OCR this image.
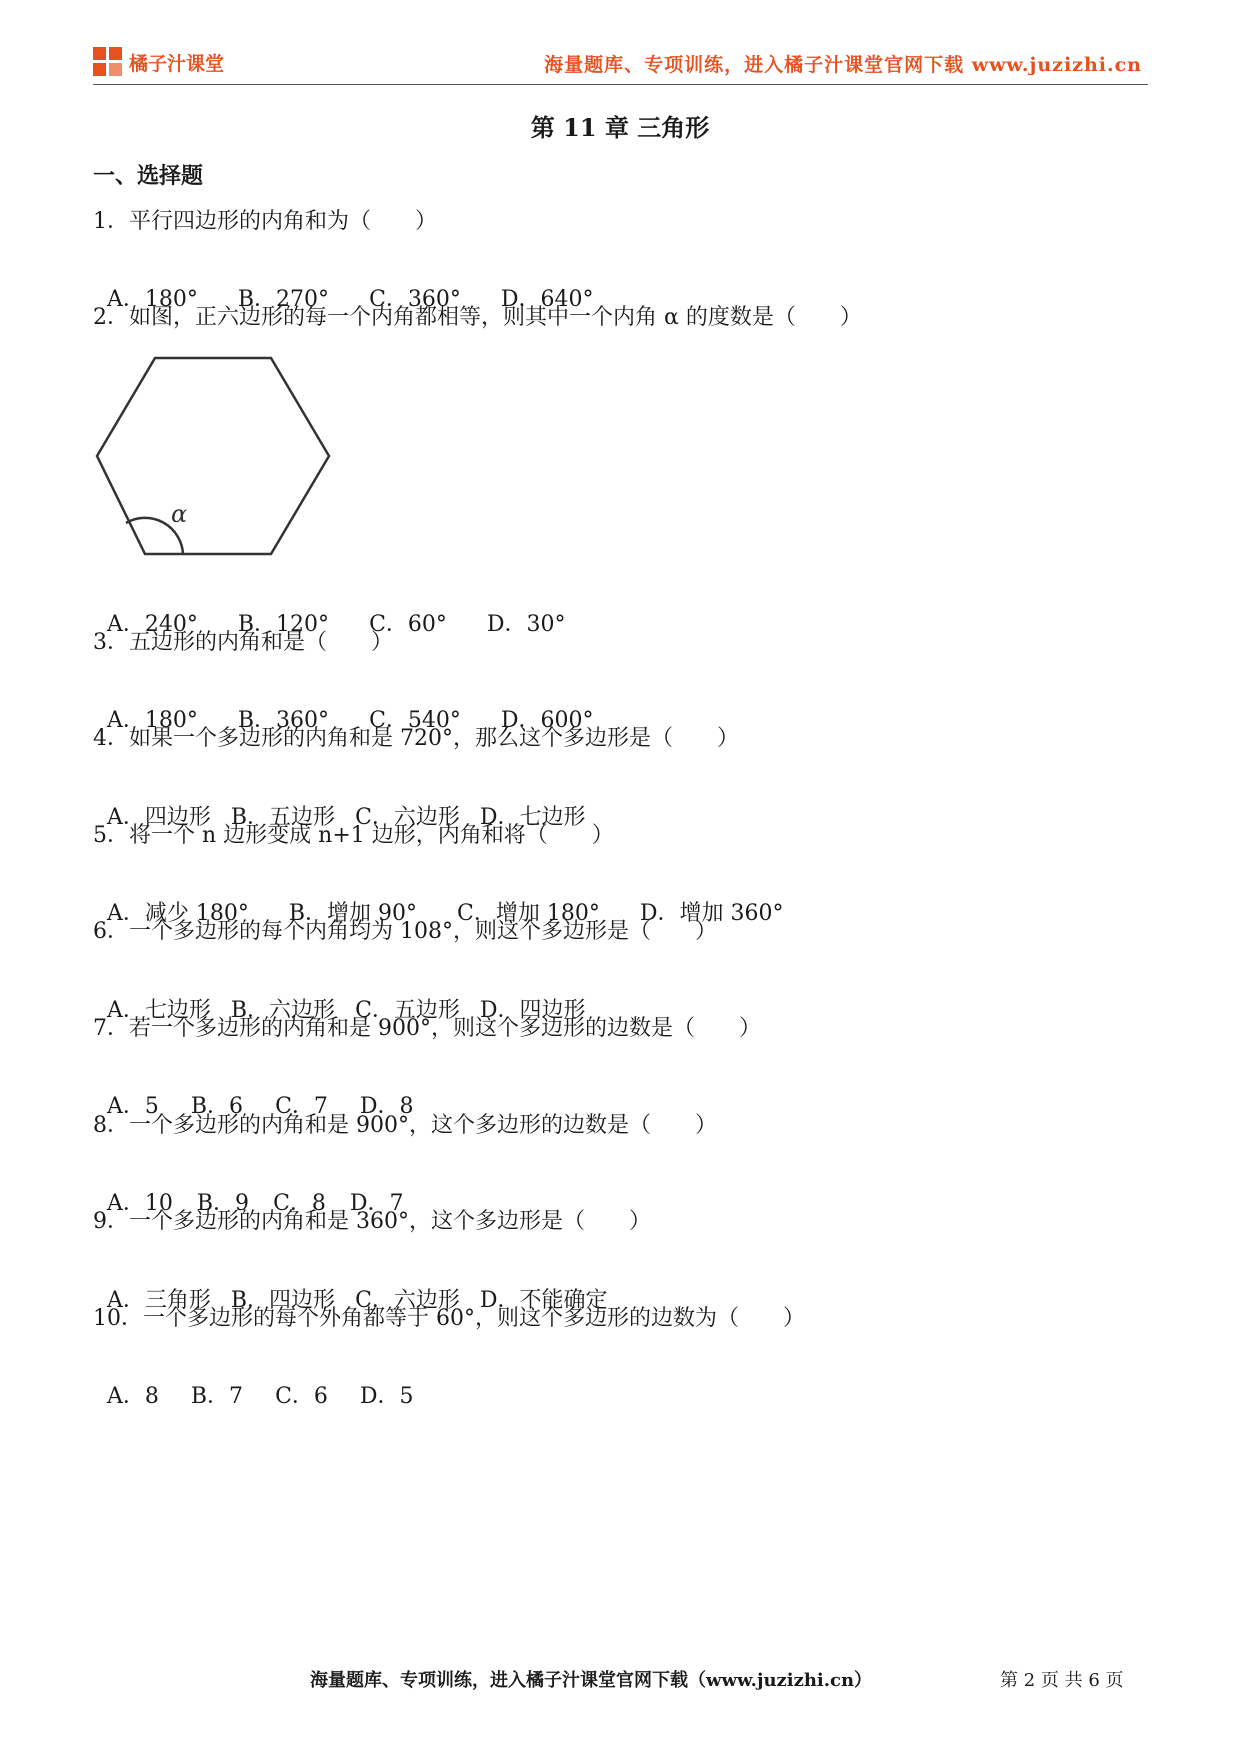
橘子汁课堂	海量题库、专项训练，进入橘子汁课堂官网下载 www.juzizhi.cn
第 11 章 三角形
一、选择题
1．平行四边形的内角和为（　　）

A．180° B．270° C．360° D．640°

2．如图，正六边形的每一个内角都相等，则其中一个内角 α 的度数是（　　）
α

A．240° B．120° C．60° D．30°

3．五边形的内角和是（　　）

A．180° B．360° C．540° D．600°

4．如果一个多边形的内角和是 720°，那么这个多边形是（　　）

A．四边形 B．五边形 C．六边形 D．七边形

5．将一个 n 边形变成 n+1 边形，内角和将（　　）

A．减少 180° B．增加 90° C．增加 180° D．增加 360°

6．一个多边形的每个内角均为 108°，则这个多边形是（　　）

A．七边形 B．六边形 C．五边形 D．四边形

7．若一个多边形的内角和是 900°，则这个多边形的边数是（　　）

A．5 B．6 C．7 D．8

8．一个多边形的内角和是 900°，这个多边形的边数是（　　）

A．10 B．9 C．8 D．7

9．一个多边形的内角和是 360°，这个多边形是（　　）

A．三角形 B．四边形 C．六边形 D．不能确定

10．一个多边形的每个外角都等于 60°，则这个多边形的边数为（　　）

A．8 B．7 C．6 D．5

海量题库、专项训练，进入橘子汁课堂官网下载（www.juzizhi.cn）	第 2 页 共 6 页
